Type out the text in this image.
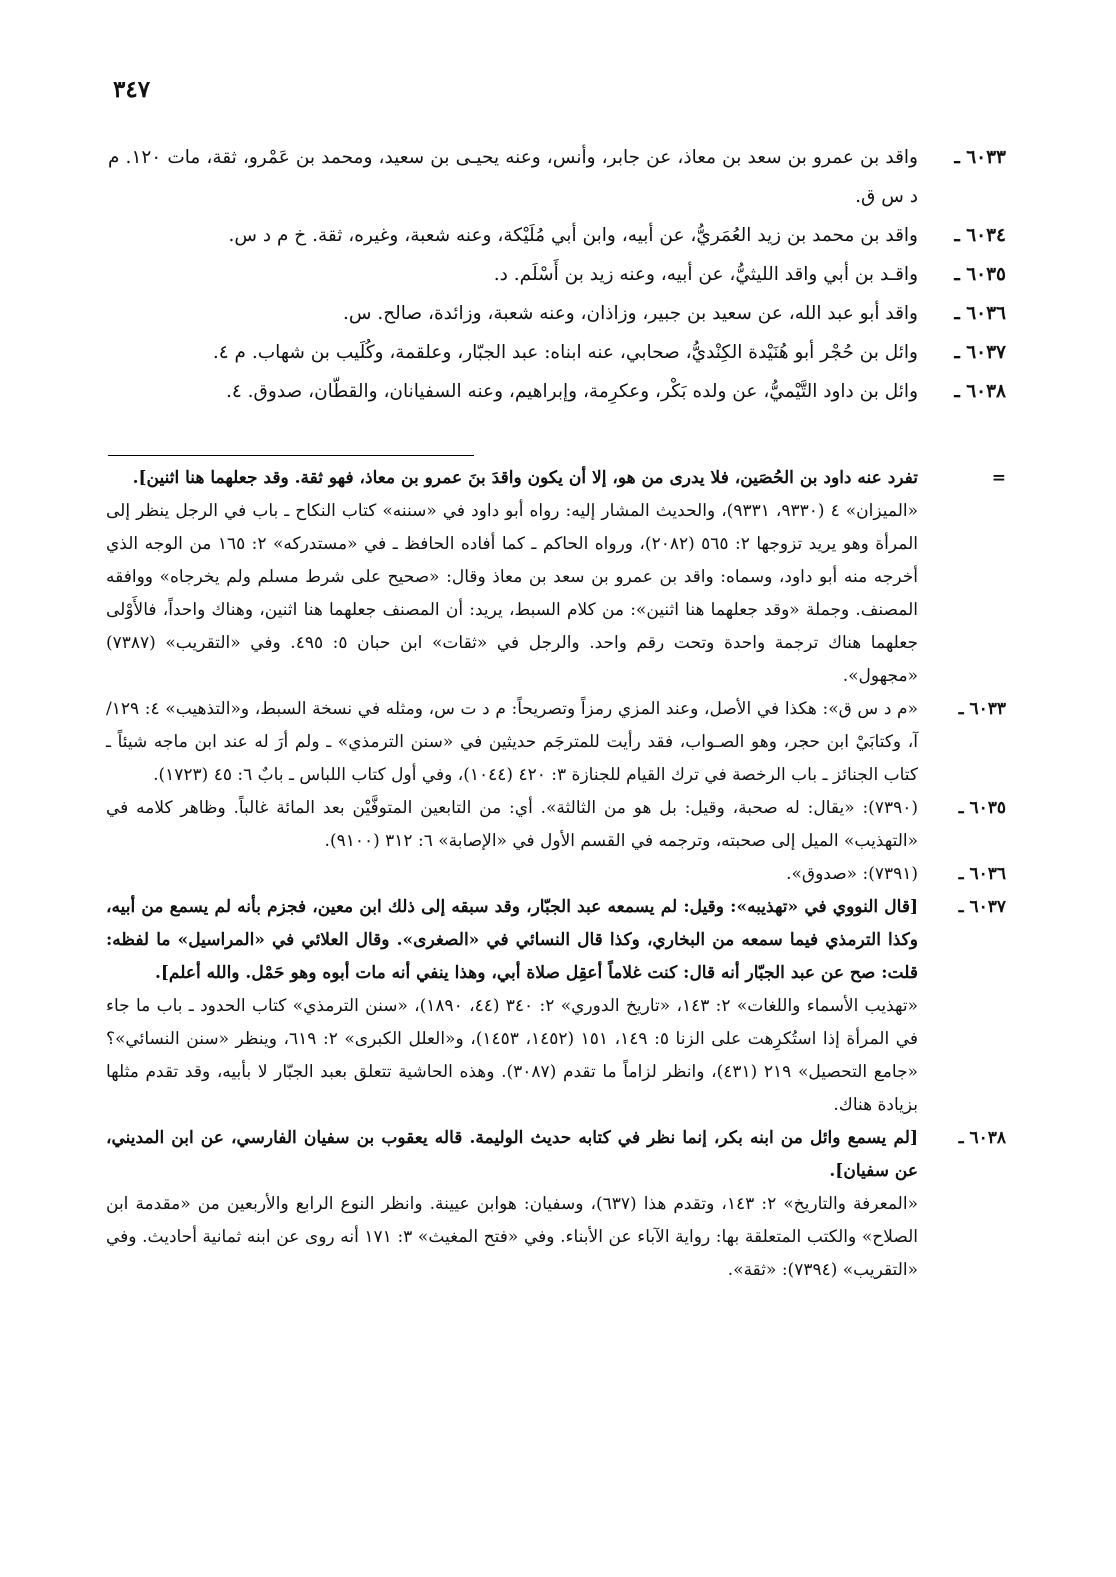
٣٤٧
٦٠٣٣ ـ
واقد بن عمرو بن سعد بن معاذ، عن جابر، وأنس، وعنه يحيـى بن سعيد، ومحمد بن عَمْرو، ثقة، مات ١٢٠. م د س ق.
٦٠٣٤ ـ
واقد بن محمد بن زيد العُمَريُّ، عن أبيه، وابن أبي مُلَيْكة، وعنه شعبة، وغيره، ثقة. خ م د س.
٦٠٣٥ ـ
واقـد بن أبي واقد الليثيُّ، عن أبيه، وعنه زيد بن أَسْلَم. د.
٦٠٣٦ ـ
واقد أبو عبد الله، عن سعيد بن جبير، وزاذان، وعنه شعبة، وزائدة، صالح. س.
٦٠٣٧ ـ
وائل بن حُجْر أبو هُنَيْدة الكِنْديُّ، صحابي، عنه ابناه: عبد الجبّار، وعلقمة، وكُلَيب بن شهاب. م ٤.
٦٠٣٨ ـ
وائل بن داود التَّيْميُّ، عن ولده بَكْر، وعكرِمة، وإبراهيم، وعنه السفيانان، والقطّان، صدوق. ٤.
=

تفرد عنه داود بن الحُصَين، فلا يدرى من هو، إلا أن يكون واقدَ بنَ عمرو بن معاذ، فهو ثقة. وقد جعلهما هنا اثنين].

«الميزان» ٤ (٩٣٣٠، ٩٣٣١)، والحديث المشار إليه: رواه أبو داود في «سننه» كتاب النكاح ـ باب في الرجل ينظر إلى المرأة وهو يريد تزوجها ٢: ٥٦٥ (٢٠٨٢)، ورواه الحاكم ـ كما أفاده الحافظ ـ في «مستدركه» ٢: ١٦٥ من الوجه الذي أخرجه منه أبو داود، وسماه: واقد بن عمرو بن سعد بن معاذ وقال: «صحيح على شرط مسلم ولم يخرجاه» ووافقه المصنف. وجملة «وقد جعلهما هنا اثنين»: من كلام السبط، يريد: أن المصنف جعلهما هنا اثنين، وهناك واحداً، فالأَوْلى جعلهما هناك ترجمة واحدة وتحت رقم واحد. والرجل في «ثقات» ابن حبان ٥: ٤٩٥. وفي «التقريب» (٧٣٨٧) «مجهول».

٦٠٣٣ ـ

«م د س ق»: هكذا في الأصل، وعند المزي رمزاً وتصريحاً: م د ت س، ومثله في نسخة السبط، و«التذهيب» ٤: ١٢٩/آ، وكتابَيْ ابن حجر، وهو الصـواب، فقد رأيت للمترجَم حديثين في «سنن الترمذي» ـ ولم أرَ له عند ابن ماجه شيئاً ـ كتاب الجنائز ـ باب الرخصة في ترك القيام للجنازة ٣: ٤٢٠ (١٠٤٤)، وفي أول كتاب اللباس ـ بابٌ ٦: ٤٥ (١٧٢٣).

٦٠٣٥ ـ

(٧٣٩٠): «يقال: له صحبة، وقيل: بل هو من الثالثة». أي: من التابعين المتوفَّيْن بعد المائة غالباً. وظاهر كلامه في «التهذيب» الميل إلى صحبته، وترجمه في القسم الأول في «الإصابة» ٦: ٣١٢ (٩١٠٠).

٦٠٣٦ ـ

(٧٣٩١): «صدوق».

٦٠٣٧ ـ

[قال النووي في «تهذيبه»: وقيل: لم يسمعه عبد الجبّار، وقد سبقه إلى ذلك ابن معين، فجزم بأنه لم يسمع من أبيه، وكذا الترمذي فيما سمعه من البخاري، وكذا قال النسائي في «الصغرى». وقال العلائي في «المراسيل» ما لفظه: قلت: صح عن عبد الجبّار أنه قال: كنت غلاماً أعقِل صلاة أبي، وهذا ينفي أنه مات أبوه وهو حَمْل. والله أعلم].

«تهذيب الأسماء واللغات» ٢: ١٤٣، «تاريخ الدوري» ٢: ٣٤٠ (٤٤، ١٨٩٠)، «سنن الترمذي» كتاب الحدود ـ باب ما جاء في المرأة إذا استُكرِهت على الزنا ٥: ١٤٩، ١٥١ (١٤٥٢، ١٤٥٣)، و«العلل الكبرى» ٢: ٦١٩، وينظر «سنن النسائي»؟ «جامع التحصيل» ٢١٩ (٤٣١)، وانظر لزاماً ما تقدم (٣٠٨٧). وهذه الحاشية تتعلق بعبد الجبّار لا بأبيه، وقد تقدم مثلها بزيادة هناك.

٦٠٣٨ ـ

[لم يسمع وائل من ابنه بكر، إنما نظر في كتابه حديث الوليمة. قاله يعقوب بن سفيان الفارسي، عن ابن المديني، عن سفيان].

«المعرفة والتاريخ» ٢: ١٤٣، وتقدم هذا (٦٣٧)، وسفيان: هوابن عيينة. وانظر النوع الرابع والأربعين من «مقدمة ابن الصلاح» والكتب المتعلقة بها: رواية الآباء عن الأبناء. وفي «فتح المغيث» ٣: ١٧١ أنه روى عن ابنه ثمانية أحاديث. وفي «التقريب» (٧٣٩٤): «ثقة».
